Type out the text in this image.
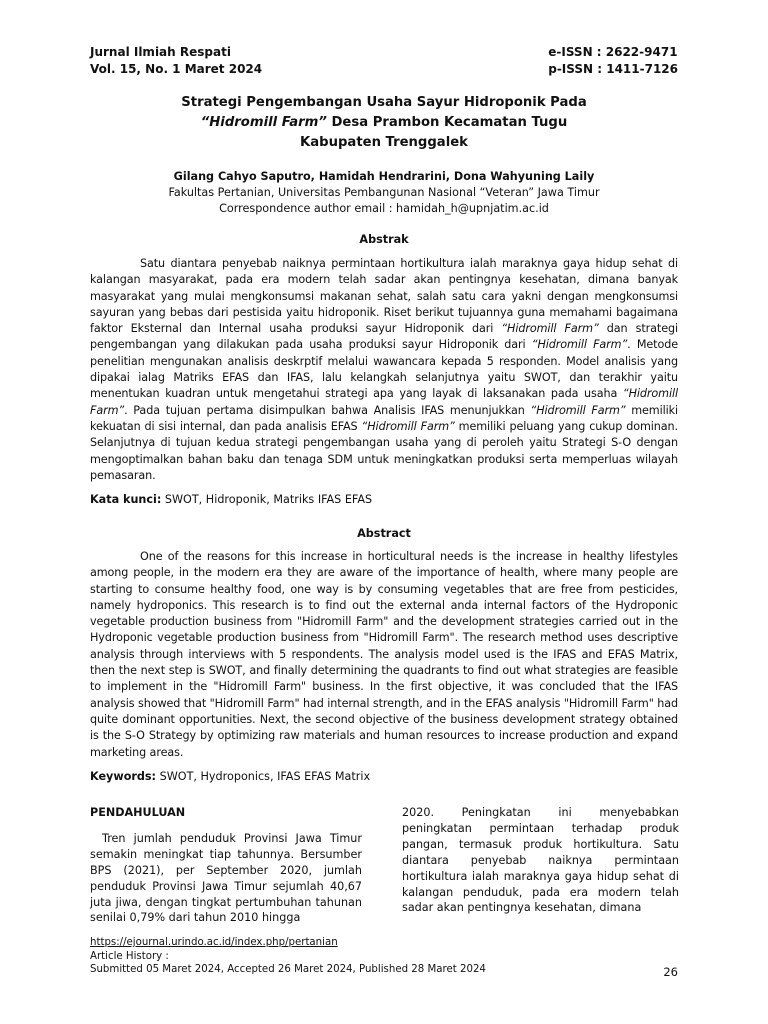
Jurnal Ilmiah Respati
Vol. 15, No. 1 Maret 2024
e-ISSN : 2622-9471
p-ISSN : 1411-7126
Strategi Pengembangan Usaha Sayur Hidroponik Pada
“Hidromill Farm” Desa Prambon Kecamatan Tugu
Kabupaten Trenggalek
Gilang Cahyo Saputro, Hamidah Hendrarini, Dona Wahyuning Laily
Fakultas Pertanian, Universitas Pembangunan Nasional “Veteran” Jawa Timur
Correspondence author email : hamidah_h@upnjatim.ac.id
Abstrak

Satu diantara penyebab naiknya permintaan hortikultura ialah maraknya gaya hidup sehat di kalangan masyarakat, pada era modern telah sadar akan pentingnya kesehatan, dimana banyak masyarakat yang mulai mengkonsumsi makanan sehat, salah satu cara yakni dengan mengkonsumsi sayuran yang bebas dari pestisida yaitu hidroponik. Riset berikut tujuannya guna memahami bagaimana faktor Eksternal dan Internal usaha produksi sayur Hidroponik dari “Hidromill Farm” dan strategi pengembangan yang dilakukan pada usaha produksi sayur Hidroponik dari “Hidromill Farm”. Metode penelitian mengunakan analisis deskrptif melalui wawancara kepada 5 responden. Model analisis yang dipakai ialag Matriks EFAS dan IFAS, lalu kelangkah selanjutnya yaitu SWOT, dan terakhir yaitu menentukan kuadran untuk mengetahui strategi apa yang layak di laksanakan pada usaha “Hidromill Farm”. Pada tujuan pertama disimpulkan bahwa Analisis IFAS menunjukkan “Hidromill Farm” memiliki kekuatan di sisi internal, dan pada analisis EFAS “Hidromill Farm” memiliki peluang yang cukup dominan. Selanjutnya di tujuan kedua strategi pengembangan usaha yang di peroleh yaitu Strategi S-O dengan mengoptimalkan bahan baku dan tenaga SDM untuk meningkatkan produksi serta memperluas wilayah pemasaran.

Kata kunci: SWOT, Hidroponik, Matriks IFAS EFAS
Abstract

One of the reasons for this increase in horticultural needs is the increase in healthy lifestyles among people, in the modern era they are aware of the importance of health, where many people are starting to consume healthy food, one way is by consuming vegetables that are free from pesticides, namely hydroponics. This research is to find out the external anda internal factors of the Hydroponic vegetable production business from "Hidromill Farm" and the development strategies carried out in the Hydroponic vegetable production business from "Hidromill Farm". The research method uses descriptive analysis through interviews with 5 respondents. The analysis model used is the IFAS and EFAS Matrix, then the next step is SWOT, and finally determining the quadrants to find out what strategies are feasible to implement in the "Hidromill Farm" business. In the first objective, it was concluded that the IFAS analysis showed that "Hidromill Farm" had internal strength, and in the EFAS analysis "Hidromill Farm" had quite dominant opportunities. Next, the second objective of the business development strategy obtained is the S-O Strategy by optimizing raw materials and human resources to increase production and expand marketing areas.

Keywords: SWOT, Hydroponics, IFAS EFAS Matrix
PENDAHULUAN

Tren jumlah penduduk Provinsi Jawa Timur semakin meningkat tiap tahunnya. Bersumber BPS (2021), per September 2020, jumlah penduduk Provinsi Jawa Timur sejumlah 40,67 juta jiwa, dengan tingkat pertumbuhan tahunan senilai 0,79% dari tahun 2010 hingga

2020. Peningkatan ini menyebabkan peningkatan permintaan terhadap produk pangan, termasuk produk hortikultura. Satu diantara penyebab naiknya permintaan hortikultura ialah maraknya gaya hidup sehat di kalangan penduduk, pada era modern telah sadar akan pentingnya kesehatan, dimana

https://ejournal.urindo.ac.id/index.php/pertanian
Article History :
Submitted 05 Maret 2024, Accepted 26 Maret 2024, Published 28 Maret 2024	26
